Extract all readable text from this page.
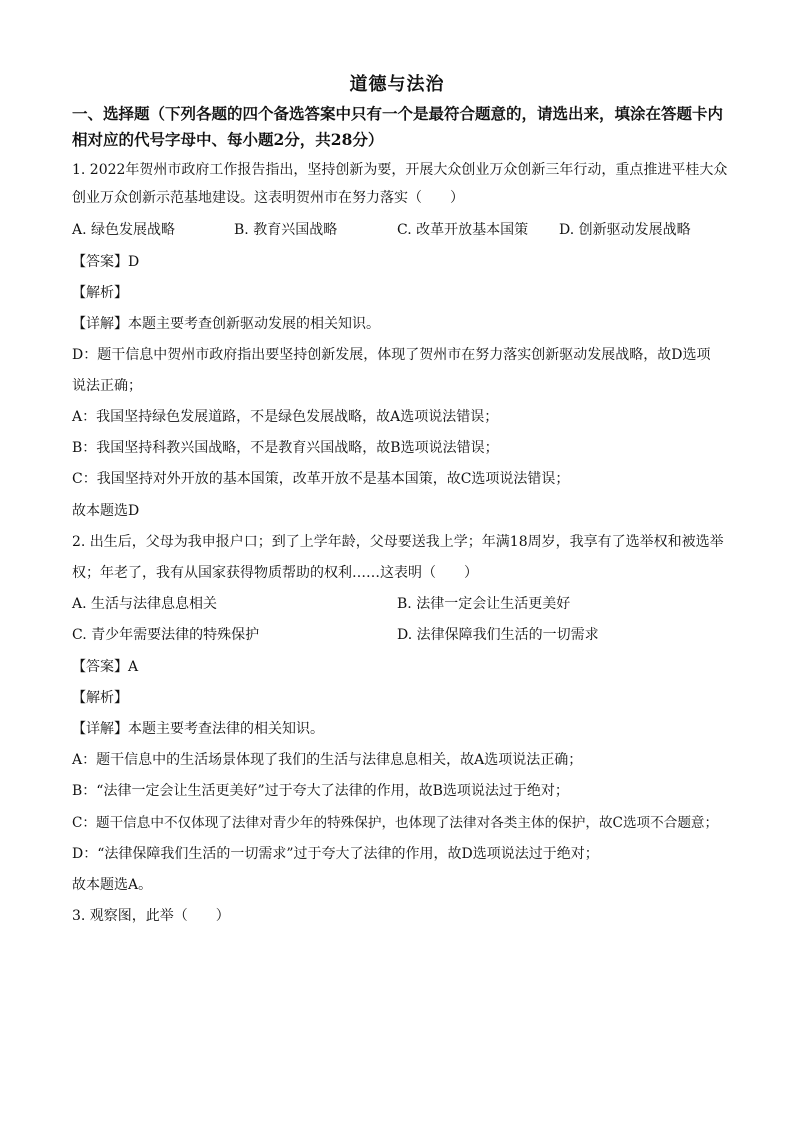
道德与法治
一、选择题（下列各题的四个备选答案中只有一个是最符合题意的，请选出来，填涂在答题卡内相对应的代号字母中、每小题2分，共28分）
1. 2022年贺州市政府工作报告指出，坚持创新为要，开展大众创业万众创新三年行动，重点推进平桂大众
创业万众创新示范基地建设。这表明贺州市在努力落实（　　）
A. 绿色发展战略	B. 教育兴国战略	C. 改革开放基本国策 D. 创新驱动发展战略
【答案】D
【解析】
【详解】本题主要考查创新驱动发展的相关知识。
D：题干信息中贺州市政府指出要坚持创新发展，体现了贺州市在努力落实创新驱动发展战略，故D选项
说法正确；
A：我国坚持绿色发展道路，不是绿色发展战略，故A选项说法错误；
B：我国坚持科教兴国战略，不是教育兴国战略，故B选项说法错误；
C：我国坚持对外开放的基本国策，改革开放不是基本国策，故C选项说法错误；
故本题选D
2. 出生后，父母为我申报户口；到了上学年龄，父母要送我上学；年满18周岁，我享有了选举权和被选举
权；年老了，我有从国家获得物质帮助的权利……这表明（　　）
A. 生活与法律息息相关	B. 法律一定会让生活更美好
C. 青少年需要法律的特殊保护	D. 法律保障我们生活的一切需求
【答案】A
【解析】
【详解】本题主要考查法律的相关知识。
A：题干信息中的生活场景体现了我们的生活与法律息息相关，故A选项说法正确；
B：“法律一定会让生活更美好”过于夸大了法律的作用，故B选项说法过于绝对；
C：题干信息中不仅体现了法律对青少年的特殊保护，也体现了法律对各类主体的保护，故C选项不合题意；
D：“法律保障我们生活的一切需求”过于夸大了法律的作用，故D选项说法过于绝对；
故本题选A。
3. 观察图，此举（　　）
